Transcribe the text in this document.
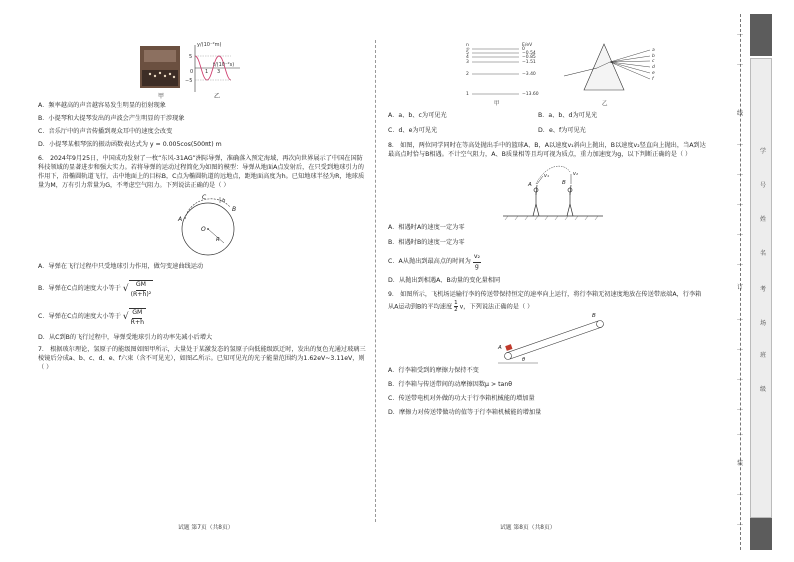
甲
y/(10⁻²m)
t/(10⁻²s)
5
−5
0 1 3
乙

A．频率越高的声音越容易发生明显的衍射现象

B．小提琴和大提琴发出的声波会产生明显的干涉现象

C．音乐厅中的声音传播到观众耳中的速度会改变

D．小提琴某根琴弦的振动函数表达式为 y = 0.005cos(500πt) m

6． 2024年9月25日，中国成功发射了一枚“东风-31AG”洲际导弹，准确落入预定海域，再次向世界展示了中国在国防科技领域的显著进步和强大实力。若将导弹的运动过程简化为如图的模型：导弹从地面A点发射后，在只受到地球引力的作用下，沿椭圆轨道飞行，击中地面上的目标B，C点为椭圆轨道的远地点，距地面高度为h。已知地球半径为R，地球质量为M，万有引力常量为G，不考虑空气阻力。下列说法正确的是（ ）

C	h
A
B
O
R

A．导弹在飞行过程中只受地球引力作用，做匀变速曲线运动

B．导弹在C点的速度大小等于 √ $\frac{GM}{\text{(R+h)²}}$
C．导弹在C点的速度大小等于 √ $\frac{GM}{R+h}$

D．从C到B的飞行过程中，导弹受地球引力的功率先减小后增大

7． 根据玻尔理论，氢原子的能级图如图甲所示，大量处于某激发态的氢原子向低能级跃迁时，发出的复色光通过玻璃三棱镜后分成a、b、c、d、e、f六束（含不可见光），如图乙所示。已知可见光的光子能量范围约为1.62eV~3.11eV，则（ ）

试题 第7页（共8页）
n	E/eV
∞	0
5	−0.54
4	−0.85
3	−1.51
2	−3.40
1	−13.60
甲
a
b
c
d
e
f
乙
A．a、b、c为可见光	B．a、b、d为可见光
C．d、e为可见光	D．e、f为可见光

8． 如图，两位同学同时在等高处抛出手中的篮球A、B，A以速度v₁斜向上抛出，B以速度v₂竖直向上抛出，当A到达最高点时恰与B相遇。不计空气阻力，A、B质量相等且均可视为质点，重力加速度为g，以下判断正确的是（ ）

A
v₁
B
v₂

A．相遇时A的速度一定为零

B．相遇时B的速度一定为零

C．A从抛出到最高点的时间为 $\frac{\text{v₂}}{g}$

D．从抛出到相遇A、B动量的变化量相同

9． 如图所示，飞机场运输行李的传送带保持恒定的速率向上运行，将行李箱无初速度地放在传送带底端A，行李箱从A运动到B的平均速度 $\frac{1}{2}$ v，下列说法正确的是（ ）

A
B
θ

A．行李箱受到的摩擦力保持不变

B．行李箱与传送带间的动摩擦因数μ > tanθ

C．传送带电机对外做的功大于行李箱机械能的增加量

D．摩擦力对传送带做功的值等于行李箱机械能的增加量

试题 第8页（共8页）
…
…
线
…
…
…
…
…
订
…
…
…
…
…
装
…
…
学
号
姓
名
考
场
班
级
